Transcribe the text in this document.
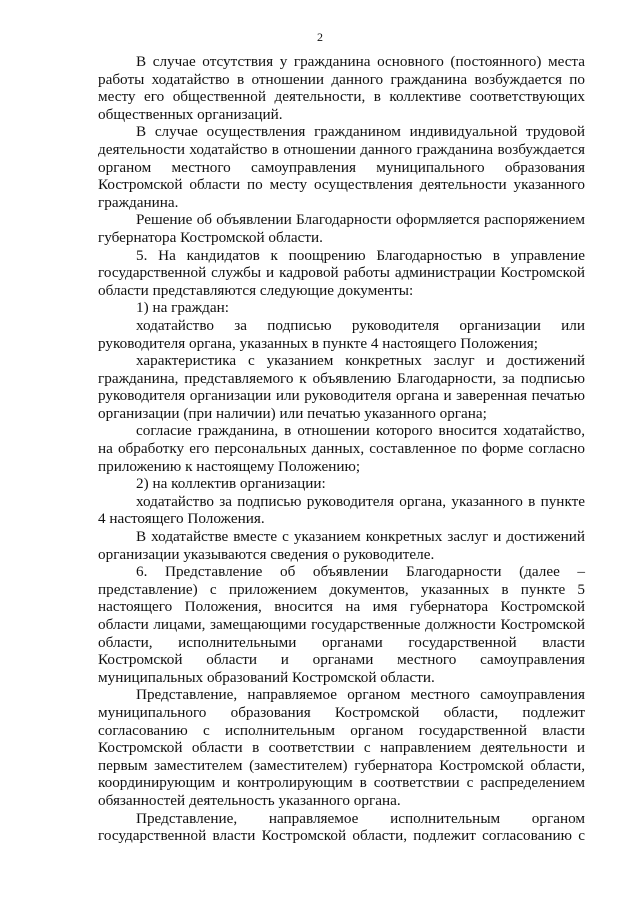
2

В случае отсутствия у гражданина основного (постоянного) места работы ходатайство в отношении данного гражданина возбуждается по месту его общественной деятельности, в коллективе соответствующих общественных организаций.

В случае осуществления гражданином индивидуальной трудовой деятельности ходатайство в отношении данного гражданина возбуждается органом местного самоуправления муниципального образования Костромской области по месту осуществления деятельности указанного гражданина.

Решение об объявлении Благодарности оформляется распоряжением губернатора Костромской области.

5. На кандидатов к поощрению Благодарностью в управление государственной службы и кадровой работы администрации Костромской области представляются следующие документы:

1) на граждан:

ходатайство за подписью руководителя организации или руководителя органа, указанных в пункте 4 настоящего Положения;

характеристика с указанием конкретных заслуг и достижений гражданина, представляемого к объявлению Благодарности, за подписью руководителя организации или руководителя органа и заверенная печатью организации (при наличии) или печатью указанного органа;

согласие гражданина, в отношении которого вносится ходатайство, на обработку его персональных данных, составленное по форме согласно приложению к настоящему Положению;

2) на коллектив организации:

ходатайство за подписью руководителя органа, указанного в пункте 4 настоящего Положения.

В ходатайстве вместе с указанием конкретных заслуг и достижений организации указываются сведения о руководителе.

6. Представление об объявлении Благодарности (далее – представление) с приложением документов, указанных в пункте 5 настоящего Положения, вносится на имя губернатора Костромской области лицами, замещающими государственные должности Костромской области, исполнительными органами государственной власти Костромской области и органами местного самоуправления муниципальных образований Костромской области.

Представление, направляемое органом местного самоуправления муниципального образования Костромской области, подлежит согласованию с исполнительным органом государственной власти Костромской области в соответствии с направлением деятельности и первым заместителем (заместителем) губернатора Костромской области, координирующим и контролирующим в соответствии с распределением обязанностей деятельность указанного органа.

Представление, направляемое исполнительным органом государственной власти Костромской области, подлежит согласованию с
